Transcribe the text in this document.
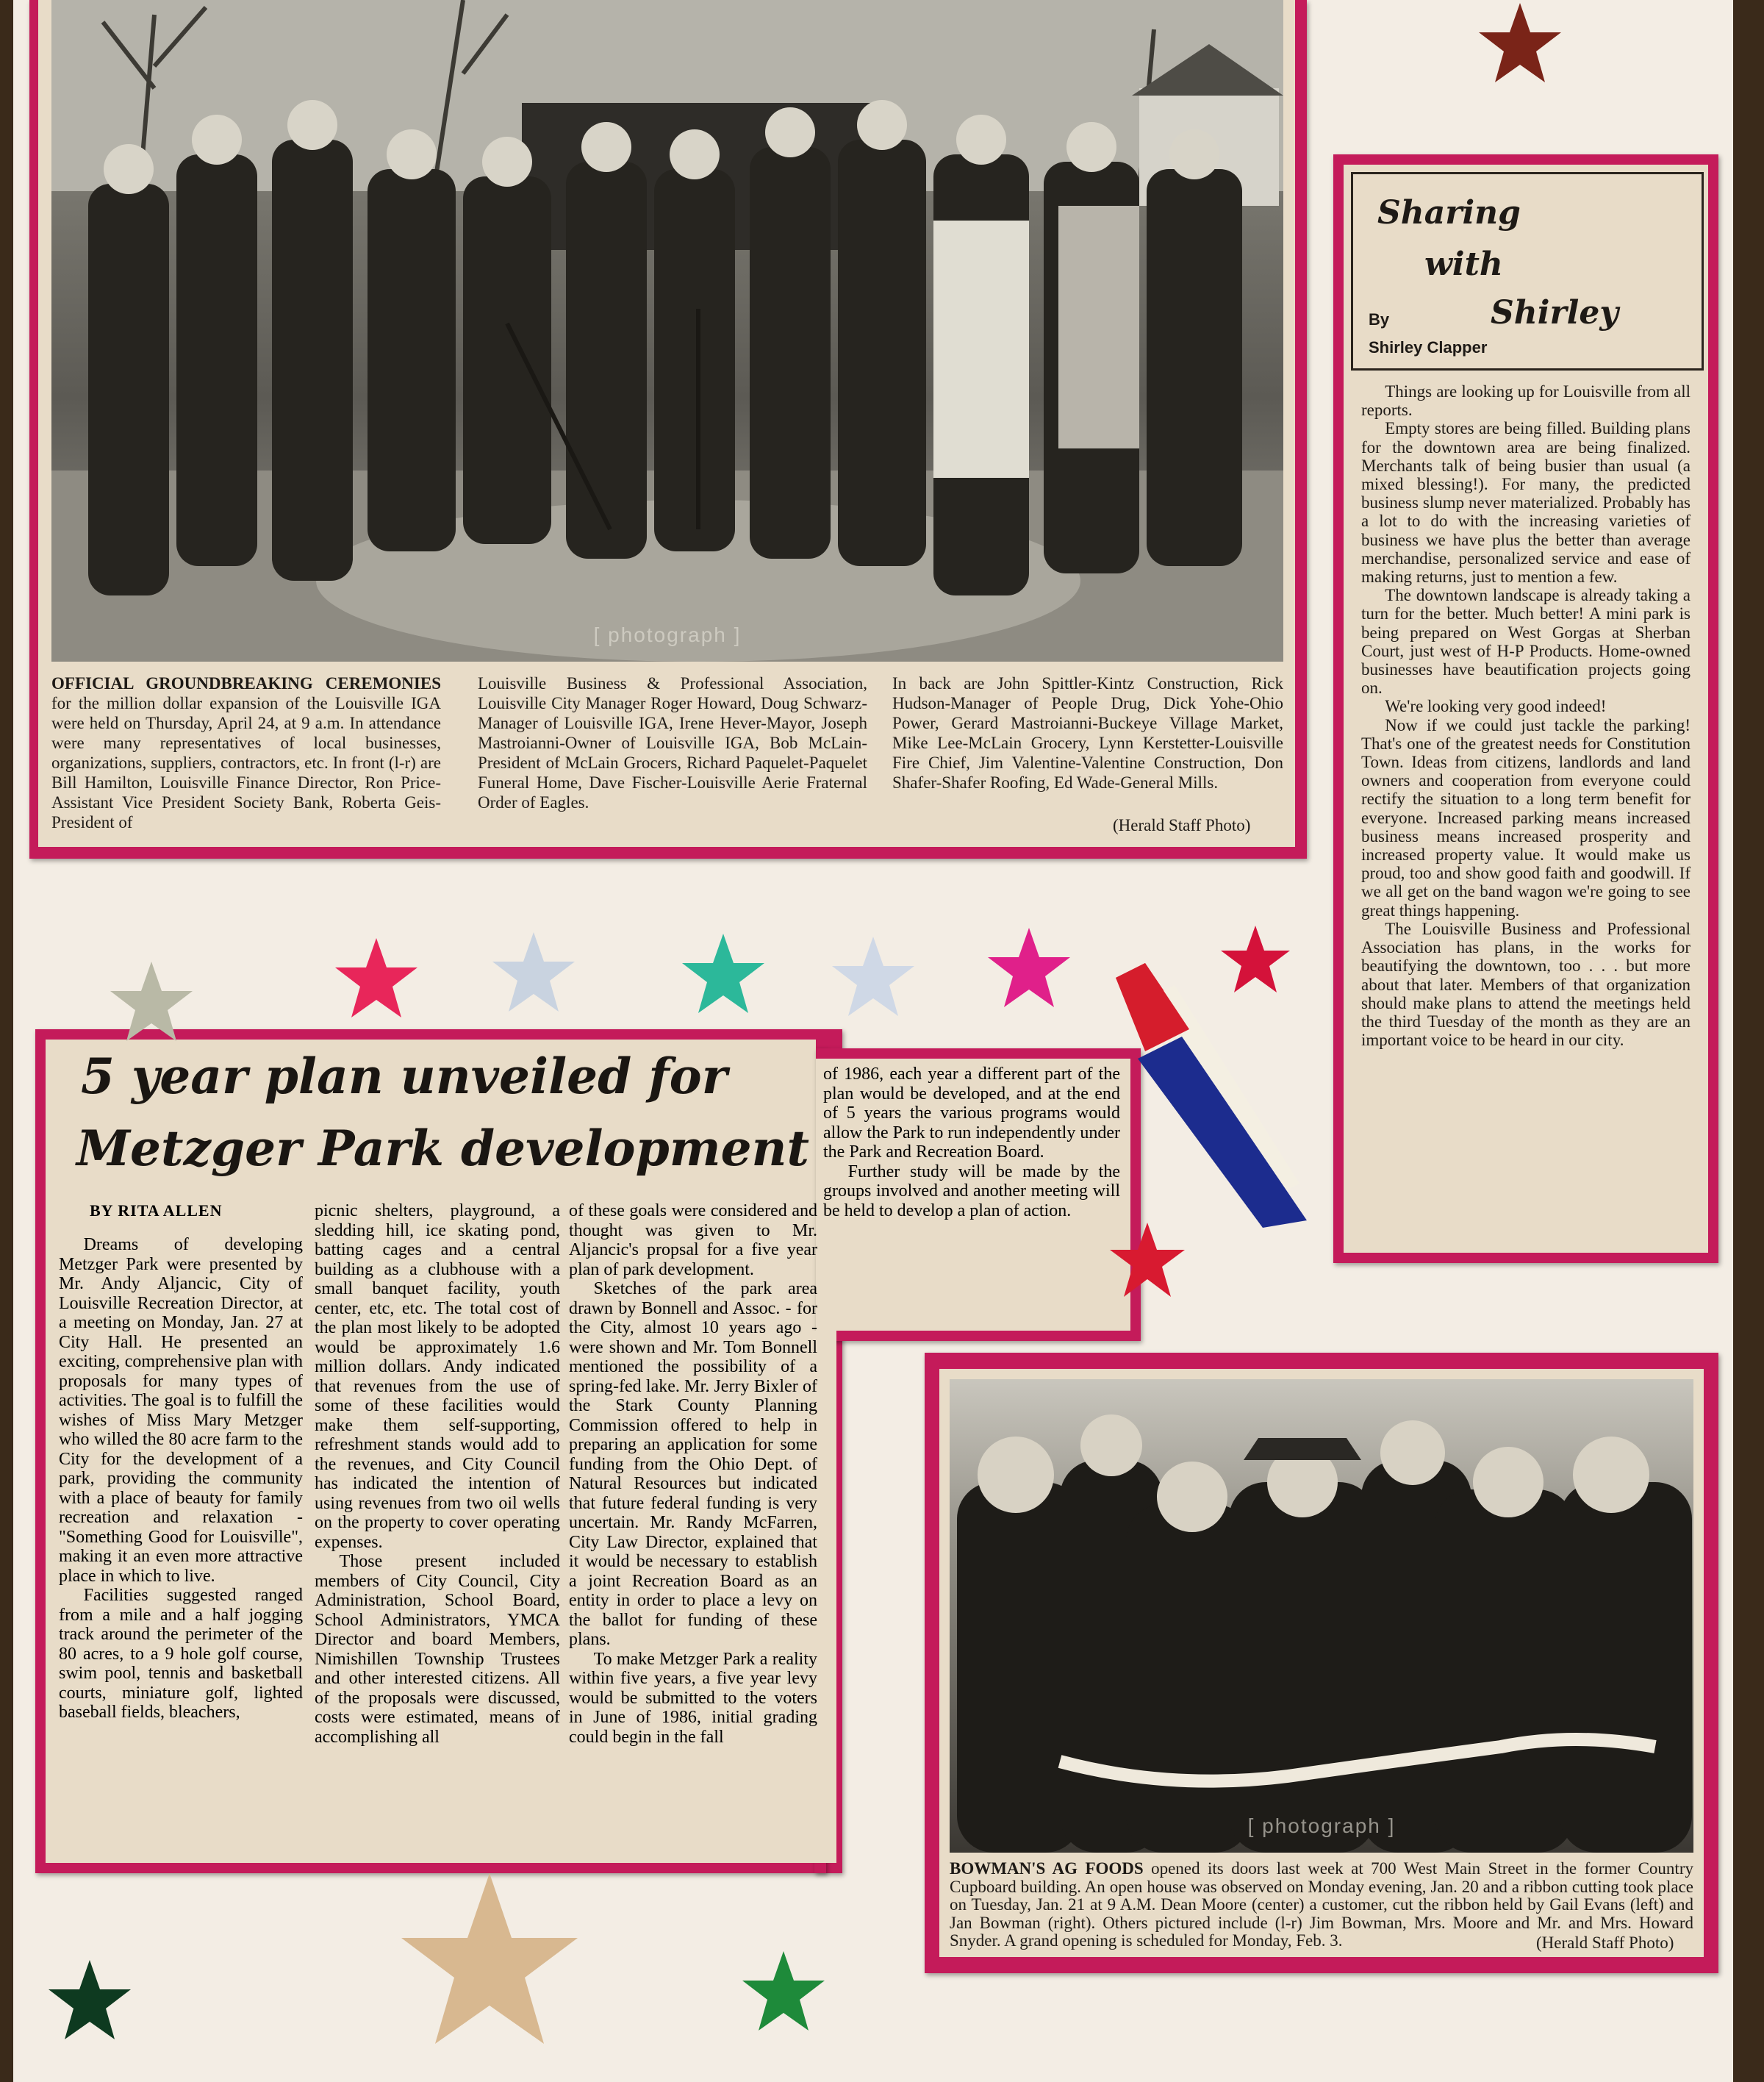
[ photograph ]
OFFICIAL GROUNDBREAKING CEREMONIES for the million dollar expansion of the Louisville IGA were held on Thursday, April 24, at 9 a.m. In attendance were many representatives of local businesses, organizations, suppliers, contractors, etc. In front (l-r) are Bill Hamilton, Louisville Finance Director, Ron Price-Assistant Vice President Society Bank, Roberta Geis-President of
Louisville Business & Professional Association, Louisville City Manager Roger Howard, Doug Schwarz-Manager of Louisville IGA, Irene Hever-Mayor, Joseph Mastroianni-Owner of Louisville IGA, Bob McLain-President of McLain Grocers, Richard Paquelet-Paquelet Funeral Home, Dave Fischer-Louisville Aerie Fraternal Order of Eagles.
In back are John Spittler-Kintz Construction, Rick Hudson-Manager of People Drug, Dick Yohe-Ohio Power, Gerard Mastroianni-Buckeye Village Market, Mike Lee-McLain Grocery, Lynn Kerstetter-Louisville Fire Chief, Jim Valentine-Valentine Construction, Don Shafer-Shafer Roofing, Ed Wade-General Mills.
(Herald Staff Photo)
Sharing
with
By	Shirley
Shirley Clapper

Things are looking up for Louisville from all reports.

Empty stores are being filled. Building plans for the downtown area are being finalized. Merchants talk of being busier than usual (a mixed blessing!). For many, the predicted business slump never materialized. Probably has a lot to do with the increasing varieties of business we have plus the better than average merchandise, personalized service and ease of making returns, just to mention a few.

The downtown landscape is already taking a turn for the better. Much better! A mini park is being prepared on West Gorgas at Sherban Court, just west of H-P Products. Home-owned businesses have beautification projects going on.

We're looking very good indeed!

Now if we could just tackle the parking! That's one of the greatest needs for Constitution Town. Ideas from citizens, landlords and land owners and cooperation from everyone could rectify the situation to a long term benefit for everyone. Increased parking means increased business means increased prosperity and increased property value. It would make us proud, too and show good faith and goodwill. If we all get on the band wagon we're going to see great things happening.

The Louisville Business and Professional Association has plans, in the works for beautifying the downtown, too . . . but more about that later. Members of that organization should make plans to attend the meetings held the third Tuesday of the month as they are an important voice to be heard in our city.

5 year plan unveiled for
Metzger Park development
BY RITA ALLEN

Dreams of developing Metzger Park were presented by Mr. Andy Aljancic, City of Louisville Recreation Director, at a meeting on Monday, Jan. 27 at City Hall. He presented an exciting, comprehensive plan with proposals for many types of activities. The goal is to fulfill the wishes of Miss Mary Metzger who willed the 80 acre farm to the City for the development of a park, providing the community with a place of beauty for family recreation and relaxation - "Something Good for Louisville", making it an even more attractive place in which to live.

Facilities suggested ranged from a mile and a half jogging track around the perimeter of the 80 acres, to a 9 hole golf course, swim pool, tennis and basketball courts, miniature golf, lighted baseball fields, bleachers,

picnic shelters, playground, a sledding hill, ice skating pond, batting cages and a central building as a clubhouse with a small banquet facility, youth center, etc, etc. The total cost of the plan most likely to be adopted would be approximately 1.6 million dollars. Andy indicated that revenues from the use of some of these facilities would make them self-supporting, refreshment stands would add to the revenues, and City Council has indicated the intention of using revenues from two oil wells on the property to cover operating expenses.

Those present included members of City Council, City Administration, School Board, School Administrators, YMCA Director and board Members, Nimishillen Township Trustees and other interested citizens. All of the proposals were discussed, costs were estimated, means of accomplishing all

of these goals were considered and thought was given to Mr. Aljancic's propsal for a five year plan of park development.

Sketches of the park area drawn by Bonnell and Assoc. - for the City, almost 10 years ago - were shown and Mr. Tom Bonnell mentioned the possibility of a spring-fed lake. Mr. Jerry Bixler of the Stark County Planning Commission offered to help in preparing an application for some funding from the Ohio Dept. of Natural Resources but indicated that future federal funding is very uncertain. Mr. Randy McFarren, City Law Director, explained that it would be necessary to establish a joint Recreation Board as an entity in order to place a levy on the ballot for funding of these plans.

To make Metzger Park a reality within five years, a five year levy would be submitted to the voters in June of 1986, initial grading could begin in the fall

of 1986, each year a different part of the plan would be developed, and at the end of 5 years the various programs would allow the Park to run independently under the Park and Recreation Board.

Further study will be made by the groups involved and another meeting will be held to develop a plan of action.

[ photograph ]
BOWMAN'S AG FOODS opened its doors last week at 700 West Main Street in the former Country Cupboard building. An open house was observed on Monday evening, Jan. 20 and a ribbon cutting took place on Tuesday, Jan. 21 at 9 A.M. Dean Moore (center) a customer, cut the ribbon held by Gail Evans (left) and Jan Bowman (right). Others pictured include (l-r) Jim Bowman, Mrs. Moore and Mr. and Mrs. Howard Snyder. A grand opening is scheduled for Monday, Feb. 3.	(Herald Staff Photo)
